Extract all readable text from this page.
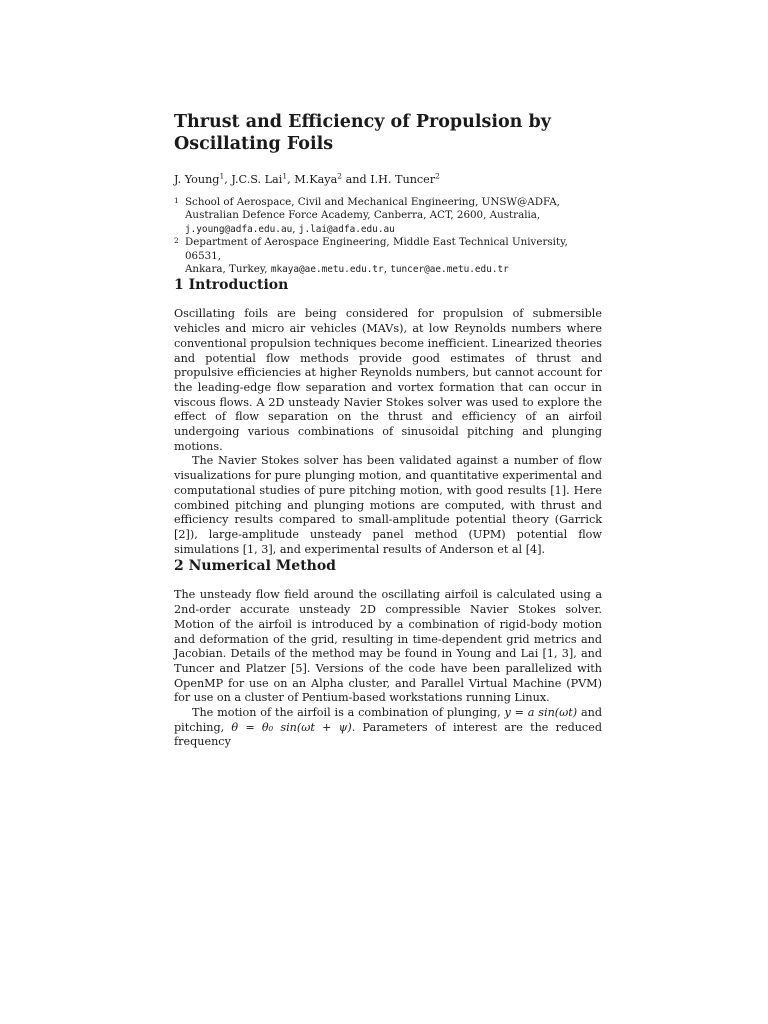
Thrust and Efficiency of Propulsion by
Oscillating Foils
J. Young$^1$, J.C.S. Lai$^1$, M.Kaya$^2$ and I.H. Tuncer$^2$
1 School of Aerospace, Civil and Mechanical Engineering, UNSW@ADFA,
Australian Defence Force Academy, Canberra, ACT, 2600, Australia,
j.young@adfa.edu.au, j.lai@adfa.edu.au
2 Department of Aerospace Engineering, Middle East Technical University, 06531,
Ankara, Turkey, mkaya@ae.metu.edu.tr, tuncer@ae.metu.edu.tr
1 Introduction

Oscillating foils are being considered for propulsion of submersible vehicles and micro air vehicles (MAVs), at low Reynolds numbers where conventional propulsion techniques become inefficient. Linearized theories and potential flow methods provide good estimates of thrust and propulsive efficiencies at higher Reynolds numbers, but cannot account for the leading-edge flow separation and vortex formation that can occur in viscous flows. A 2D unsteady Navier Stokes solver was used to explore the effect of flow separation on the thrust and efficiency of an airfoil undergoing various combinations of sinusoidal pitching and plunging motions.

The Navier Stokes solver has been validated against a number of flow visualizations for pure plunging motion, and quantitative experimental and computational studies of pure pitching motion, with good results [1]. Here combined pitching and plunging motions are computed, with thrust and efficiency results compared to small-amplitude potential theory (Garrick [2]), large-amplitude unsteady panel method (UPM) potential flow simulations [1, 3], and experimental results of Anderson et al [4].

2 Numerical Method

The unsteady flow field around the oscillating airfoil is calculated using a 2nd-order accurate unsteady 2D compressible Navier Stokes solver. Motion of the airfoil is introduced by a combination of rigid-body motion and deformation of the grid, resulting in time-dependent grid metrics and Jacobian. Details of the method may be found in Young and Lai [1, 3], and Tuncer and Platzer [5]. Versions of the code have been parallelized with OpenMP for use on an Alpha cluster, and Parallel Virtual Machine (PVM) for use on a cluster of Pentium-based workstations running Linux.

The motion of the airfoil is a combination of plunging, y = a sin(ωt) and pitching, θ = θ₀ sin(ωt + ψ). Parameters of interest are the reduced frequency
